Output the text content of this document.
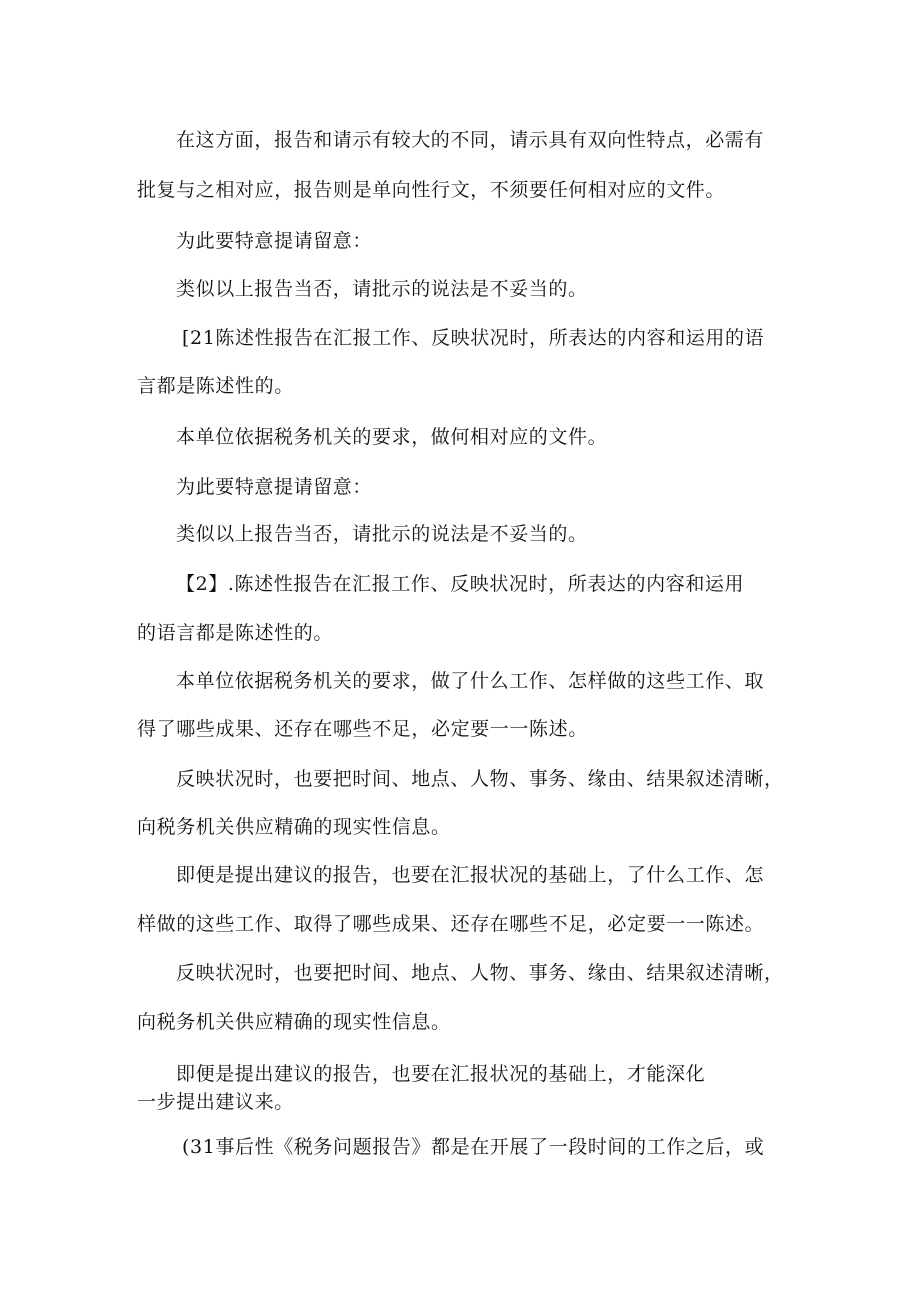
在这方面，报告和请示有较大的不同，请示具有双向性特点，必需有
批复与之相对应，报告则是单向性行文，不须要任何相对应的文件。
为此要特意提请留意：
类似以上报告当否，请批示的说法是不妥当的。
[21陈述性报告在汇报工作、反映状况时，所表达的内容和运用的语
言都是陈述性的。
本单位依据税务机关的要求，做何相对应的文件。
为此要特意提请留意：
类似以上报告当否，请批示的说法是不妥当的。
【2】.陈述性报告在汇报工作、反映状况时，所表达的内容和运用
的语言都是陈述性的。
本单位依据税务机关的要求，做了什么工作、怎样做的这些工作、取
得了哪些成果、还存在哪些不足，必定要一一陈述。
反映状况时，也要把时间、地点、人物、事务、缘由、结果叙述清晰，
向税务机关供应精确的现实性信息。
即便是提出建议的报告，也要在汇报状况的基础上，了什么工作、怎
样做的这些工作、取得了哪些成果、还存在哪些不足，必定要一一陈述。
反映状况时，也要把时间、地点、人物、事务、缘由、结果叙述清晰，
向税务机关供应精确的现实性信息。
即便是提出建议的报告，也要在汇报状况的基础上，才能深化
一步提出建议来。
(31事后性《税务问题报告》都是在开展了一段时间的工作之后，或
